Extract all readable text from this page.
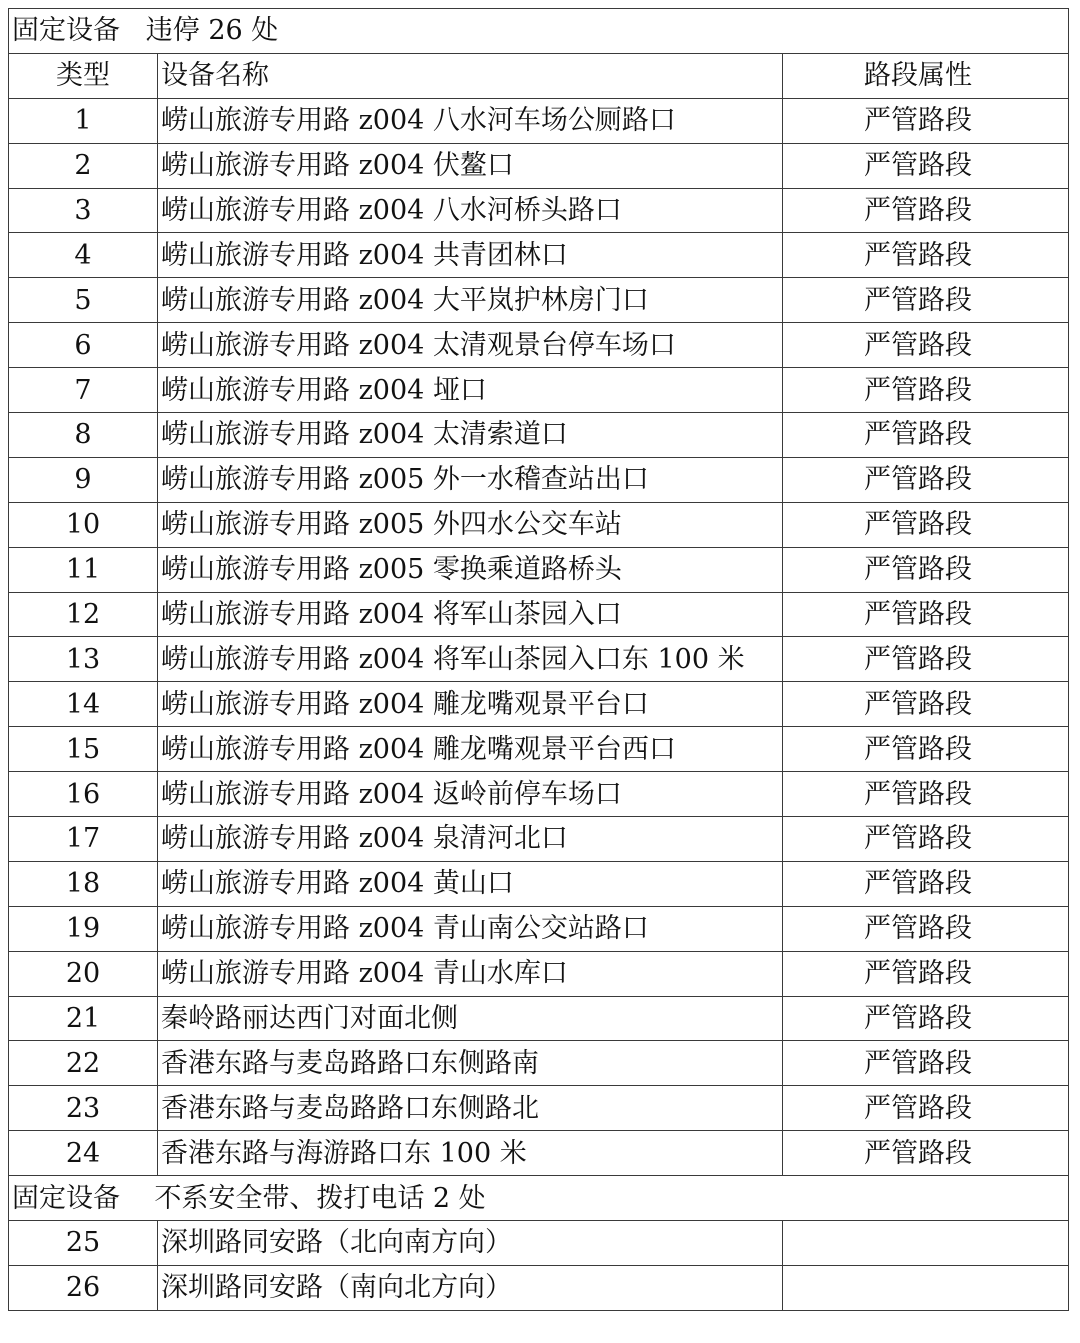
固定设备   违停 26 处		
类型	设备名称	路段属性
1	崂山旅游专用路 z004 八水河车场公厕路口	严管路段
2	崂山旅游专用路 z004 伏鳌口	严管路段
3	崂山旅游专用路 z004 八水河桥头路口	严管路段
4	崂山旅游专用路 z004 共青团林口	严管路段
5	崂山旅游专用路 z004 大平岚护林房门口	严管路段
6	崂山旅游专用路 z004 太清观景台停车场口	严管路段
7	崂山旅游专用路 z004 垭口	严管路段
8	崂山旅游专用路 z004 太清索道口	严管路段
9	崂山旅游专用路 z005 外一水稽查站出口	严管路段
10	崂山旅游专用路 z005 外四水公交车站	严管路段
11	崂山旅游专用路 z005 零换乘道路桥头	严管路段
12	崂山旅游专用路 z004 将军山茶园入口	严管路段
13	崂山旅游专用路 z004 将军山茶园入口东 100 米	严管路段
14	崂山旅游专用路 z004 雕龙嘴观景平台口	严管路段
15	崂山旅游专用路 z004 雕龙嘴观景平台西口	严管路段
16	崂山旅游专用路 z004 返岭前停车场口	严管路段
17	崂山旅游专用路 z004 泉清河北口	严管路段
18	崂山旅游专用路 z004 黄山口	严管路段
19	崂山旅游专用路 z004 青山南公交站路口	严管路段
20	崂山旅游专用路 z004 青山水库口	严管路段
21	秦岭路丽达西门对面北侧	严管路段
22	香港东路与麦岛路路口东侧路南	严管路段
23	香港东路与麦岛路路口东侧路北	严管路段
24	香港东路与海游路口东 100 米	严管路段
固定设备    不系安全带、拨打电话 2 处		
25	深圳路同安路（北向南方向）	
26	深圳路同安路（南向北方向）	
